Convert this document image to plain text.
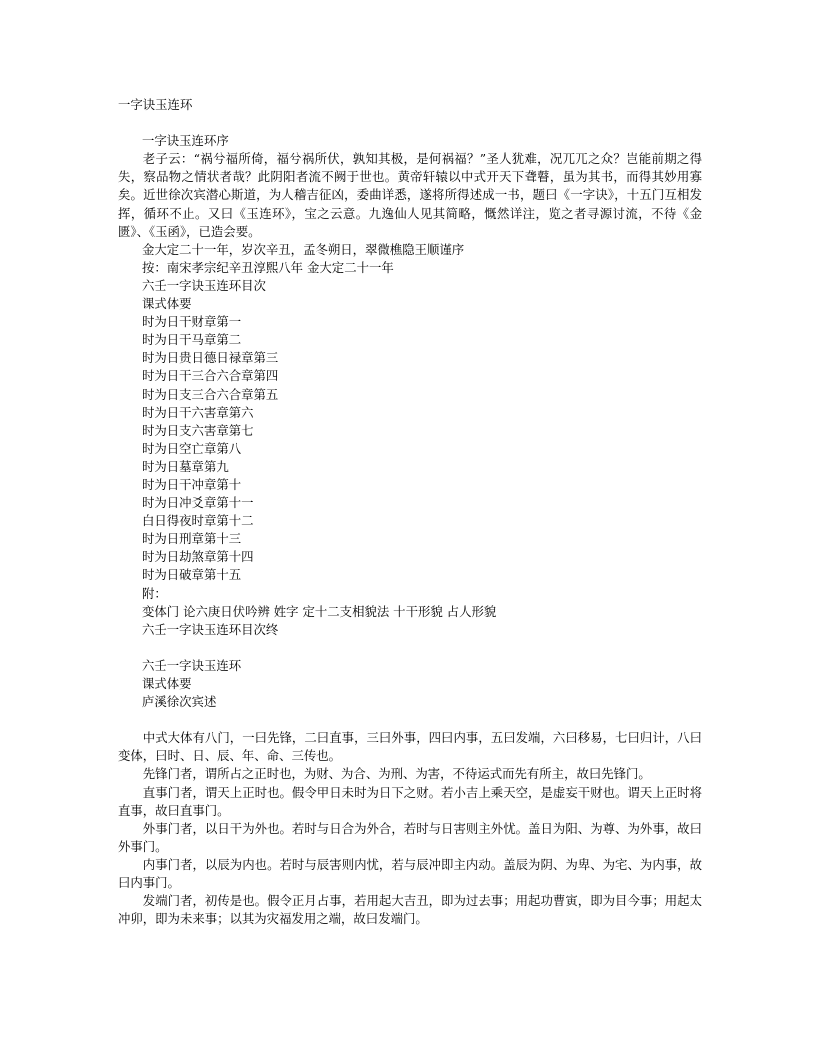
一字诀玉连环

一字诀玉连环序

老子云：“祸兮福所倚，福兮祸所伏，孰知其极，是何祸福？”圣人犹难，况兀兀之众？岂能前期之得失，察品物之情状者哉？此阴阳者流不阙于世也。黄帝轩辕以中式开天下聋瞽，虽为其书，而得其妙用寡矣。近世徐次宾潜心斯道，为人稽吉征凶，委曲详悉，遂将所得述成一书，题曰《一字诀》，十五门互相发挥，循环不止。又曰《玉连环》，宝之云意。九逸仙人见其简略，慨然详注，览之者寻源讨流，不待《金匮》、《玉函》，已造会要。

金大定二十一年，岁次辛丑，孟冬朔日，翠微樵隐王顺谨序
按：南宋孝宗纪辛丑淳熙八年 金大定二十一年
六壬一字诀玉连环目次
课式体要
时为日干财章第一
时为日干马章第二
时为日贵日德日禄章第三
时为日干三合六合章第四
时为日支三合六合章第五
时为日干六害章第六
时为日支六害章第七
时为日空亡章第八
时为日墓章第九
时为日干冲章第十
时为日冲爻章第十一
白日得夜时章第十二
时为日刑章第十三
时为日劫煞章第十四
时为日破章第十五
附：
变体门 论六庚日伏吟辨 姓字 定十二支相貌法 十干形貌 占人形貌
六壬一字诀玉连环目次终

六壬一字诀玉连环
课式体要
庐溪徐次宾述

中式大体有八门，一曰先锋，二曰直事，三曰外事，四曰内事，五曰发端，六曰移易，七曰归计，八曰变体，曰时、日、辰、年、命、三传也。

先锋门者，谓所占之正时也，为财、为合、为刑、为害，不待运式而先有所主，故曰先锋门。

直事门者，谓天上正时也。假令甲日未时为日下之财。若小吉上乘天空，是虚妄干财也。谓天上正时将直事，故曰直事门。

外事门者，以日干为外也。若时与日合为外合，若时与日害则主外忧。盖日为阳、为尊、为外事，故曰外事门。

内事门者，以辰为内也。若时与辰害则内忧，若与辰冲即主内动。盖辰为阴、为卑、为宅、为内事，故曰内事门。

发端门者，初传是也。假令正月占事，若用起大吉丑，即为过去事；用起功曹寅，即为目今事；用起太冲卯，即为未来事；以其为灾福发用之端，故曰发端门。
